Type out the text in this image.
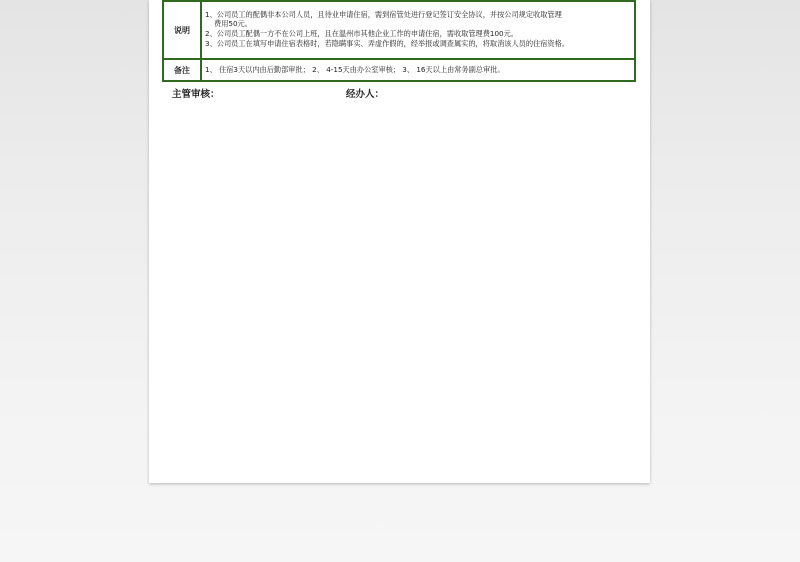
说明	1、公司员工的配偶非本公司人员，且待业申请住宿，需到宿管处进行登记签订安全协议，并按公司规定收取管理

费用50元。

2、公司员工配偶一方不在公司上班，且在温州市其他企业工作的申请住宿，需收取管理费100元。

3、公司员工在填写申请住宿表格时，若隐瞒事实、弄虚作假的，经举报或调查属实的，将取消该人员的住宿资格。

备注	1、 住宿3天以内由后勤部审批； 2、 4-15天由办公室审核； 3、 16天以上由常务副总审批。
主管审核：	经办人：
